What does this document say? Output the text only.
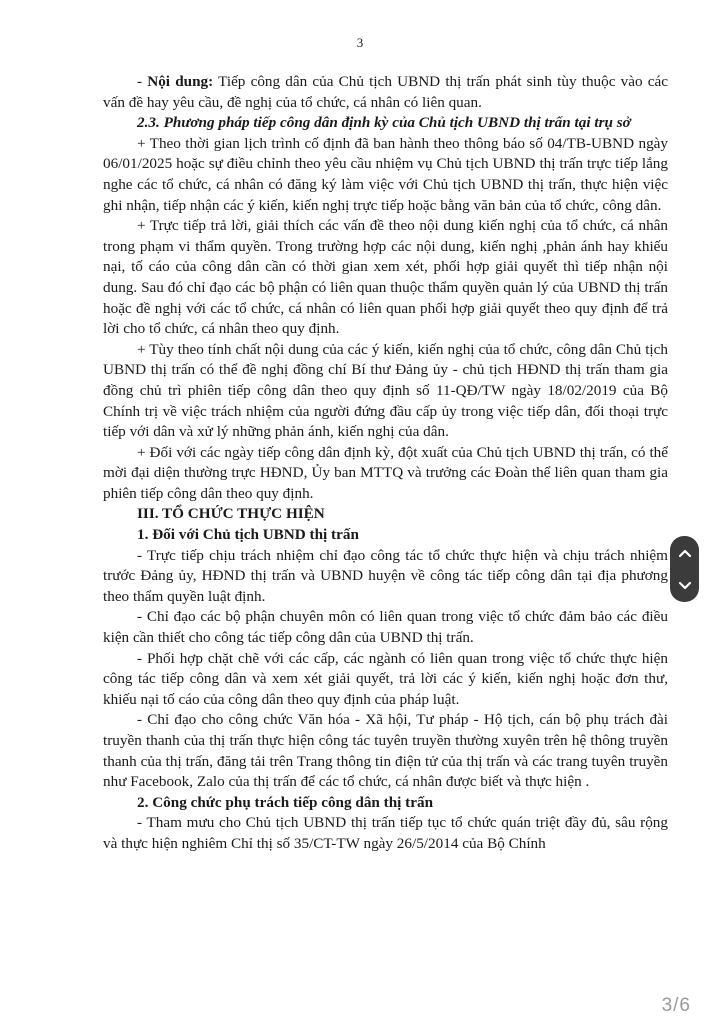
3

- Nội dung: Tiếp công dân của Chủ tịch UBND thị trấn phát sinh tùy thuộc vào các vấn đề hay yêu cầu, đề nghị của tổ chức, cá nhân có liên quan.

2.3. Phương pháp tiếp công dân định kỳ của Chủ tịch UBND thị trấn tại trụ sở

+ Theo thời gian lịch trình cố định đã ban hành theo thông báo số 04/TB-UBND ngày 06/01/2025 hoặc sự điều chỉnh theo yêu cầu nhiệm vụ Chủ tịch UBND thị trấn trực tiếp lắng nghe các tổ chức, cá nhân có đăng ký làm việc với Chủ tịch UBND thị trấn, thực hiện việc ghi nhận, tiếp nhận các ý kiến, kiến nghị trực tiếp hoặc bằng văn bản của tổ chức, công dân.

+ Trực tiếp trả lời, giải thích các vấn đề theo nội dung kiến nghị của tổ chức, cá nhân trong phạm vi thẩm quyền. Trong trường hợp các nội dung, kiến nghị ,phản ánh hay khiếu nại, tố cáo của công dân cần có thời gian xem xét, phối hợp giải quyết thì tiếp nhận nội dung. Sau đó chỉ đạo các bộ phận có liên quan thuộc thẩm quyền quản lý của UBND thị trấn hoặc đề nghị với các tổ chức, cá nhân có liên quan phối hợp giải quyết theo quy định để trả lời cho tổ chức, cá nhân theo quy định.

+ Tùy theo tính chất nội dung của các ý kiến, kiến nghị của tổ chức, công dân Chủ tịch UBND thị trấn có thể đề nghị đồng chí Bí thư Đảng ủy - chủ tịch HĐND thị trấn tham gia đồng chủ trì phiên tiếp công dân theo quy định số 11-QĐ/TW ngày 18/02/2019 của Bộ Chính trị về việc trách nhiệm của người đứng đầu cấp ủy trong việc tiếp dân, đối thoại trực tiếp với dân và xử lý những phản ánh, kiến nghị của dân.

+ Đối với các ngày tiếp công dân định kỳ, đột xuất của Chủ tịch UBND thị trấn, có thể mời đại diện thường trực HĐND, Ủy ban MTTQ và trưởng các Đoàn thể liên quan tham gia phiên tiếp công dân theo quy định.

III. TỔ CHỨC THỰC HIỆN

1. Đối với Chủ tịch UBND thị trấn

- Trực tiếp chịu trách nhiệm chỉ đạo công tác tổ chức thực hiện và chịu trách nhiệm trước Đảng ủy, HĐND thị trấn và UBND huyện về công tác tiếp công dân tại địa phương theo thẩm quyền luật định.

- Chỉ đạo các bộ phận chuyên môn có liên quan trong việc tổ chức đảm bảo các điều kiện cần thiết cho công tác tiếp công dân của UBND thị trấn.

- Phối hợp chặt chẽ với các cấp, các ngành có liên quan trong việc tổ chức thực hiện công tác tiếp công dân và xem xét giải quyết, trả lời các ý kiến, kiến nghị hoặc đơn thư, khiếu nại tố cáo của công dân theo quy định của pháp luật.

- Chỉ đạo cho công chức Văn hóa - Xã hội, Tư pháp - Hộ tịch, cán bộ phụ trách đài truyền thanh của thị trấn thực hiện công tác tuyên truyền thường xuyên trên hệ thông truyền thanh của thị trấn, đăng tải trên Trang thông tin điện tử của thị trấn và các trang tuyên truyền như Facebook, Zalo của thị trấn để các tổ chức, cá nhân được biết và thực hiện .

2. Công chức phụ trách tiếp công dân thị trấn

- Tham mưu cho Chủ tịch UBND thị trấn tiếp tục tổ chức quán triệt đầy đủ, sâu rộng và thực hiện nghiêm Chỉ thị số 35/CT-TW ngày 26/5/2014 của Bộ Chính

3/6
